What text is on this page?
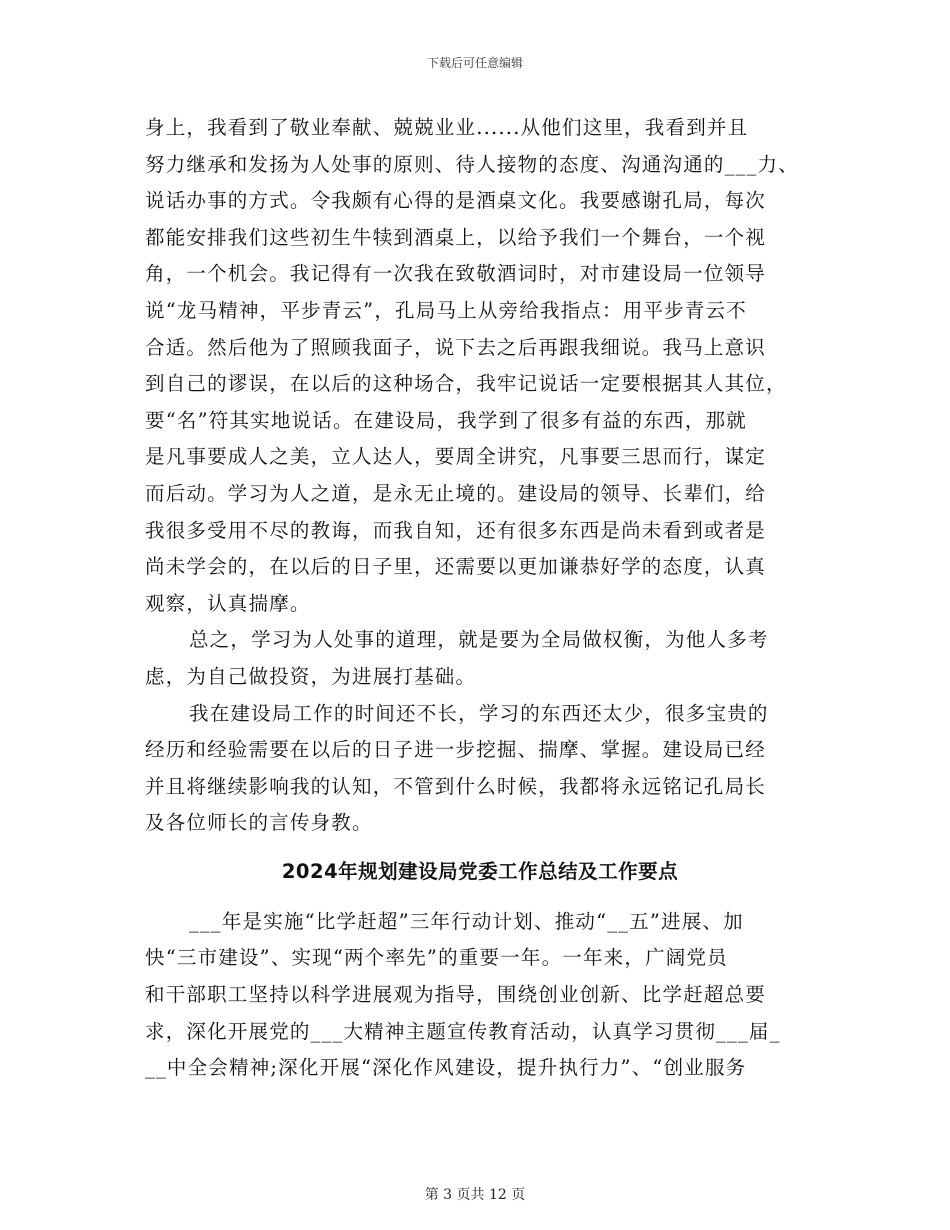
下载后可任意编辑
身上，我看到了敬业奉献、兢兢业业......从他们这里，我看到并且
努力继承和发扬为人处事的原则、待人接物的态度、沟通沟通的___力、
说话办事的方式。令我颇有心得的是酒桌文化。我要感谢孔局，每次
都能安排我们这些初生牛犊到酒桌上，以给予我们一个舞台，一个视
角，一个机会。我记得有一次我在致敬酒词时，对市建设局一位领导
说“龙马精神，平步青云”，孔局马上从旁给我指点：用平步青云不
合适。然后他为了照顾我面子，说下去之后再跟我细说。我马上意识
到自己的谬误，在以后的这种场合，我牢记说话一定要根据其人其位，
要“名”符其实地说话。在建设局，我学到了很多有益的东西，那就
是凡事要成人之美，立人达人，要周全讲究，凡事要三思而行，谋定
而后动。学习为人之道，是永无止境的。建设局的领导、长辈们，给
我很多受用不尽的教诲，而我自知，还有很多东西是尚未看到或者是
尚未学会的，在以后的日子里，还需要以更加谦恭好学的态度，认真
观察，认真揣摩。
总之，学习为人处事的道理，就是要为全局做权衡，为他人多考
虑，为自己做投资，为进展打基础。
我在建设局工作的时间还不长，学习的东西还太少，很多宝贵的
经历和经验需要在以后的日子进一步挖掘、揣摩、掌握。建设局已经
并且将继续影响我的认知，不管到什么时候，我都将永远铭记孔局长
及各位师长的言传身教。
2024年规划建设局党委工作总结及工作要点
___年是实施“比学赶超”三年行动计划、推动“__五”进展、加
快“三市建设”、实现“两个率先”的重要一年。一年来，广阔党员
和干部职工坚持以科学进展观为指导，围绕创业创新、比学赶超总要
求，深化开展党的___大精神主题宣传教育活动，认真学习贯彻___届_
__中全会精神;深化开展“深化作风建设，提升执行力”、“创业服务
第 3 页共 12 页
